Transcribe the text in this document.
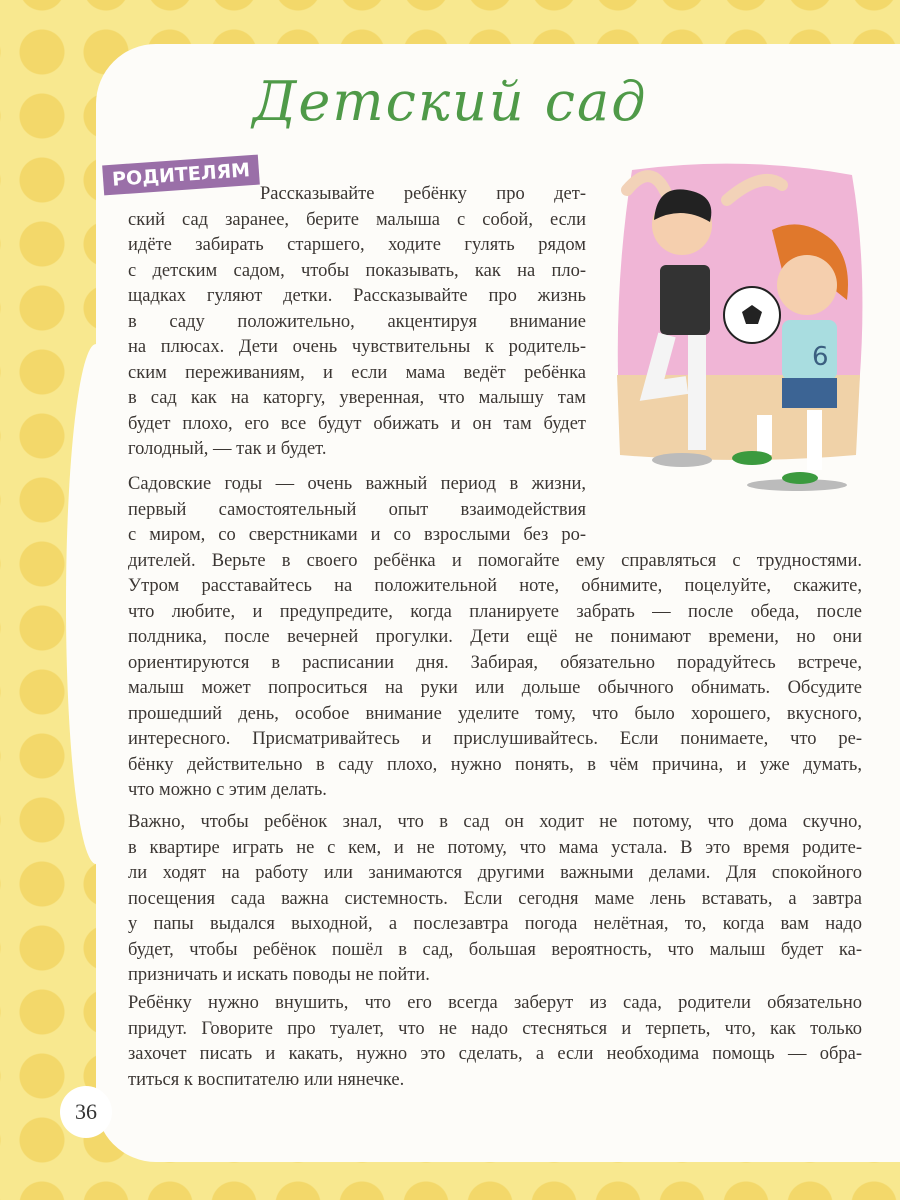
Детский сад
РОДИТЕЛЯМ
Рассказывайте ребёнку про дет-
ский сад заранее, берите малыша с собой, если
идёте забирать старшего, ходите гулять рядом
с детским садом, чтобы показывать, как на пло-
щадках гуляют детки. Рассказывайте про жизнь
в саду положительно, акцентируя внимание
на плюсах. Дети очень чувствительны к родитель-
ским переживаниям, и если мама ведёт ребёнка
в сад как на каторгу, уверенная, что малышу там
будет плохо, его все будут обижать и он там будет
голодный, — так и будет.
Садовские годы — очень важный период в жизни,
первый самостоятельный опыт взаимодействия
с миром, со сверстниками и со взрослыми без ро-
дителей. Верьте в своего ребёнка и помогайте ему справляться с трудностями.
Утром расставайтесь на положительной ноте, обнимите, поцелуйте, скажите,
что любите, и предупредите, когда планируете забрать — после обеда, после
полдника, после вечерней прогулки. Дети ещё не понимают времени, но они
ориентируются в расписании дня. Забирая, обязательно порадуйтесь встрече,
малыш может попроситься на руки или дольше обычного обнимать. Обсудите
прошедший день, особое внимание уделите тому, что было хорошего, вкусного,
интересного. Присматривайтесь и прислушивайтесь. Если понимаете, что ре-
бёнку действительно в саду плохо, нужно понять, в чём причина, и уже думать,
что можно с этим делать.
Важно, чтобы ребёнок знал, что в сад он ходит не потому, что дома скучно,
в квартире играть не с кем, и не потому, что мама устала. В это время родите-
ли ходят на работу или занимаются другими важными делами. Для спокойного
посещения сада важна системность. Если сегодня маме лень вставать, а завтра
у папы выдался выходной, а послезавтра погода нелётная, то, когда вам надо
будет, чтобы ребёнок пошёл в сад, большая вероятность, что малыш будет ка-
призничать и искать поводы не пойти.
Ребёнку нужно внушить, что его всегда заберут из сада, родители обязательно
придут. Говорите про туалет, что не надо стесняться и терпеть, что, как только
захочет писать и какать, нужно это сделать, а если необходима помощь — обра-
титься к воспитателю или нянечке.
6
36
